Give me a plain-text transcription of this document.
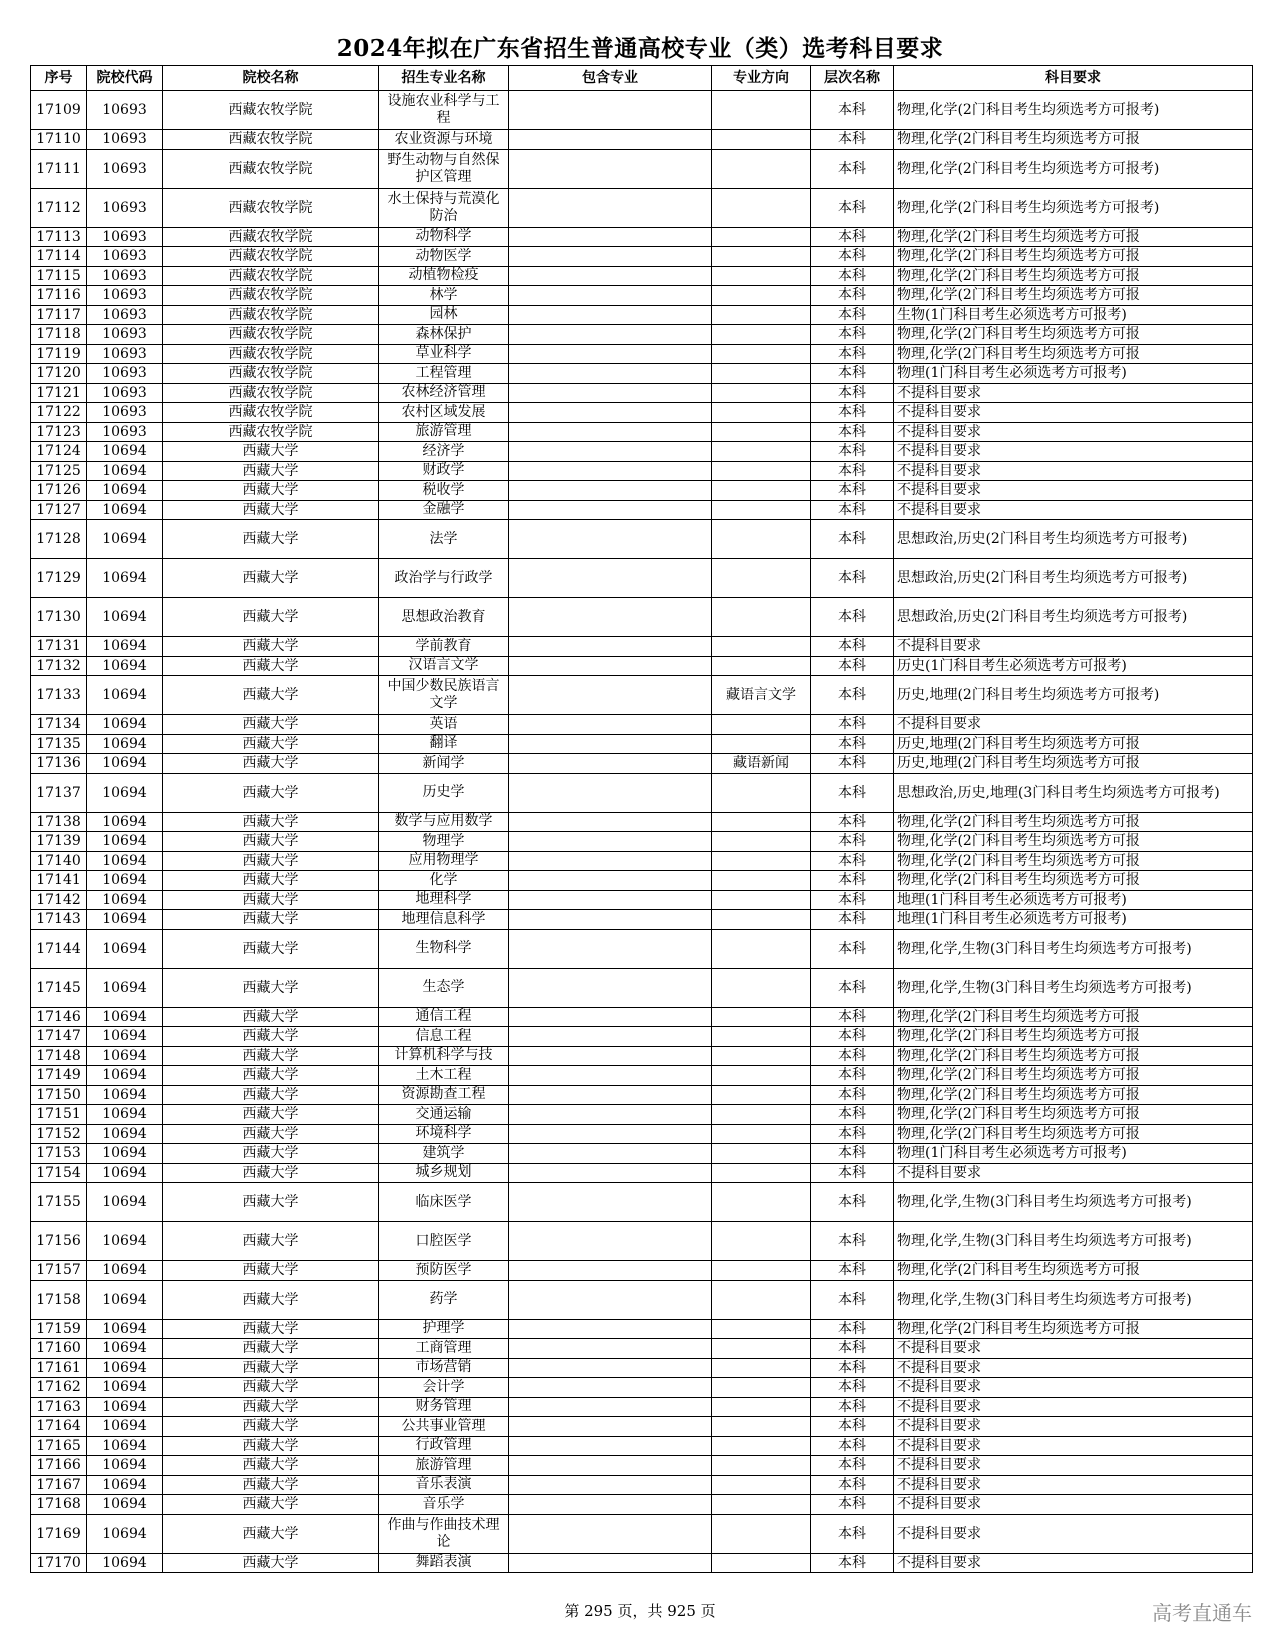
2024年拟在广东省招生普通高校专业（类）选考科目要求
序号	院校代码	院校名称	招生专业名称	包含专业	专业方向	层次名称	科目要求
17109	10693	西藏农牧学院	设施农业科学与工程			本科	物理,化学(2门科目考生均须选考方可报考)
17110	10693	西藏农牧学院	农业资源与环境			本科	物理,化学(2门科目考生均须选考方可报
17111	10693	西藏农牧学院	野生动物与自然保护区管理			本科	物理,化学(2门科目考生均须选考方可报考)
17112	10693	西藏农牧学院	水土保持与荒漠化防治			本科	物理,化学(2门科目考生均须选考方可报考)
17113	10693	西藏农牧学院	动物科学			本科	物理,化学(2门科目考生均须选考方可报
17114	10693	西藏农牧学院	动物医学			本科	物理,化学(2门科目考生均须选考方可报
17115	10693	西藏农牧学院	动植物检疫			本科	物理,化学(2门科目考生均须选考方可报
17116	10693	西藏农牧学院	林学			本科	物理,化学(2门科目考生均须选考方可报
17117	10693	西藏农牧学院	园林			本科	生物(1门科目考生必须选考方可报考)
17118	10693	西藏农牧学院	森林保护			本科	物理,化学(2门科目考生均须选考方可报
17119	10693	西藏农牧学院	草业科学			本科	物理,化学(2门科目考生均须选考方可报
17120	10693	西藏农牧学院	工程管理			本科	物理(1门科目考生必须选考方可报考)
17121	10693	西藏农牧学院	农林经济管理			本科	不提科目要求
17122	10693	西藏农牧学院	农村区域发展			本科	不提科目要求
17123	10693	西藏农牧学院	旅游管理			本科	不提科目要求
17124	10694	西藏大学	经济学			本科	不提科目要求
17125	10694	西藏大学	财政学			本科	不提科目要求
17126	10694	西藏大学	税收学			本科	不提科目要求
17127	10694	西藏大学	金融学			本科	不提科目要求
17128	10694	西藏大学	法学			本科	思想政治,历史(2门科目考生均须选考方可报考)
17129	10694	西藏大学	政治学与行政学			本科	思想政治,历史(2门科目考生均须选考方可报考)
17130	10694	西藏大学	思想政治教育			本科	思想政治,历史(2门科目考生均须选考方可报考)
17131	10694	西藏大学	学前教育			本科	不提科目要求
17132	10694	西藏大学	汉语言文学			本科	历史(1门科目考生必须选考方可报考)
17133	10694	西藏大学	中国少数民族语言文学		藏语言文学	本科	历史,地理(2门科目考生均须选考方可报考)
17134	10694	西藏大学	英语			本科	不提科目要求
17135	10694	西藏大学	翻译			本科	历史,地理(2门科目考生均须选考方可报
17136	10694	西藏大学	新闻学		藏语新闻	本科	历史,地理(2门科目考生均须选考方可报
17137	10694	西藏大学	历史学			本科	思想政治,历史,地理(3门科目考生均须选考方可报考)
17138	10694	西藏大学	数学与应用数学			本科	物理,化学(2门科目考生均须选考方可报
17139	10694	西藏大学	物理学			本科	物理,化学(2门科目考生均须选考方可报
17140	10694	西藏大学	应用物理学			本科	物理,化学(2门科目考生均须选考方可报
17141	10694	西藏大学	化学			本科	物理,化学(2门科目考生均须选考方可报
17142	10694	西藏大学	地理科学			本科	地理(1门科目考生必须选考方可报考)
17143	10694	西藏大学	地理信息科学			本科	地理(1门科目考生必须选考方可报考)
17144	10694	西藏大学	生物科学			本科	物理,化学,生物(3门科目考生均须选考方可报考)
17145	10694	西藏大学	生态学			本科	物理,化学,生物(3门科目考生均须选考方可报考)
17146	10694	西藏大学	通信工程			本科	物理,化学(2门科目考生均须选考方可报
17147	10694	西藏大学	信息工程			本科	物理,化学(2门科目考生均须选考方可报
17148	10694	西藏大学	计算机科学与技			本科	物理,化学(2门科目考生均须选考方可报
17149	10694	西藏大学	土木工程			本科	物理,化学(2门科目考生均须选考方可报
17150	10694	西藏大学	资源勘查工程			本科	物理,化学(2门科目考生均须选考方可报
17151	10694	西藏大学	交通运输			本科	物理,化学(2门科目考生均须选考方可报
17152	10694	西藏大学	环境科学			本科	物理,化学(2门科目考生均须选考方可报
17153	10694	西藏大学	建筑学			本科	物理(1门科目考生必须选考方可报考)
17154	10694	西藏大学	城乡规划			本科	不提科目要求
17155	10694	西藏大学	临床医学			本科	物理,化学,生物(3门科目考生均须选考方可报考)
17156	10694	西藏大学	口腔医学			本科	物理,化学,生物(3门科目考生均须选考方可报考)
17157	10694	西藏大学	预防医学			本科	物理,化学(2门科目考生均须选考方可报
17158	10694	西藏大学	药学			本科	物理,化学,生物(3门科目考生均须选考方可报考)
17159	10694	西藏大学	护理学			本科	物理,化学(2门科目考生均须选考方可报
17160	10694	西藏大学	工商管理			本科	不提科目要求
17161	10694	西藏大学	市场营销			本科	不提科目要求
17162	10694	西藏大学	会计学			本科	不提科目要求
17163	10694	西藏大学	财务管理			本科	不提科目要求
17164	10694	西藏大学	公共事业管理			本科	不提科目要求
17165	10694	西藏大学	行政管理			本科	不提科目要求
17166	10694	西藏大学	旅游管理			本科	不提科目要求
17167	10694	西藏大学	音乐表演			本科	不提科目要求
17168	10694	西藏大学	音乐学			本科	不提科目要求
17169	10694	西藏大学	作曲与作曲技术理论			本科	不提科目要求
17170	10694	西藏大学	舞蹈表演			本科	不提科目要求
第 295 页，共 925 页	高考直通车
